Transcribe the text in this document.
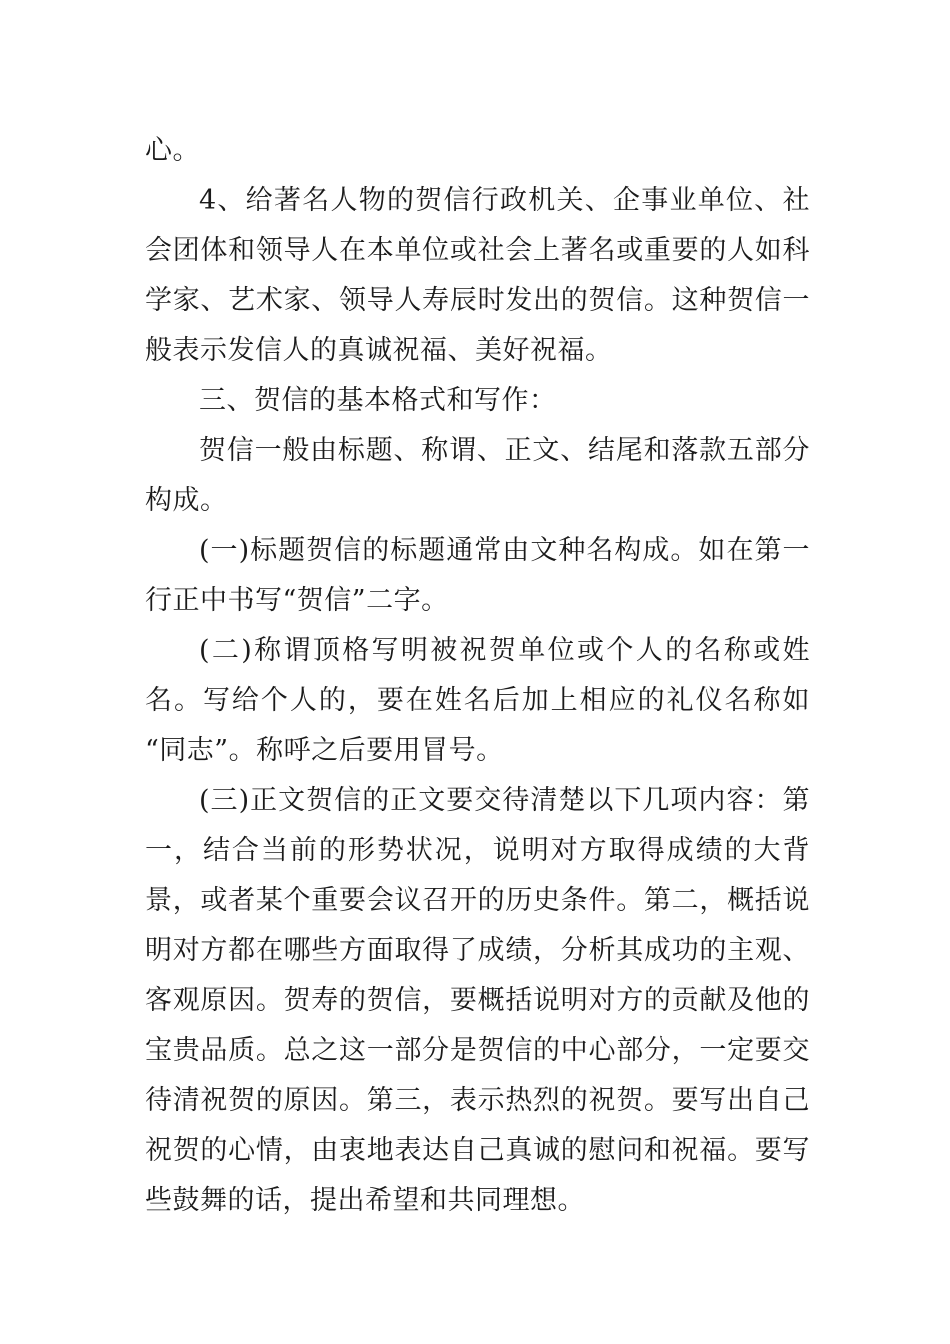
心。

4、给著名人物的贺信行政机关、企事业单位、社会团体和领导人在本单位或社会上著名或重要的人如科学家、艺术家、领导人寿辰时发出的贺信。这种贺信一般表示发信人的真诚祝福、美好祝福。

三、贺信的基本格式和写作：

贺信一般由标题、称谓、正文、结尾和落款五部分构成。

(一)标题贺信的标题通常由文种名构成。如在第一行正中书写“贺信”二字。

(二)称谓顶格写明被祝贺单位或个人的名称或姓名。写给个人的，要在姓名后加上相应的礼仪名称如 “同志”。称呼之后要用冒号。

(三)正文贺信的正文要交待清楚以下几项内容：第一，结合当前的形势状况，说明对方取得成绩的大背景，或者某个重要会议召开的历史条件。第二，概括说明对方都在哪些方面取得了成绩，分析其成功的主观、客观原因。贺寿的贺信，要概括说明对方的贡献及他的宝贵品质。总之这一部分是贺信的中心部分，一定要交待清祝贺的原因。第三，表示热烈的祝贺。要写出自己祝贺的心情，由衷地表达自己真诚的慰问和祝福。要写些鼓舞的话，提出希望和共同理想。
